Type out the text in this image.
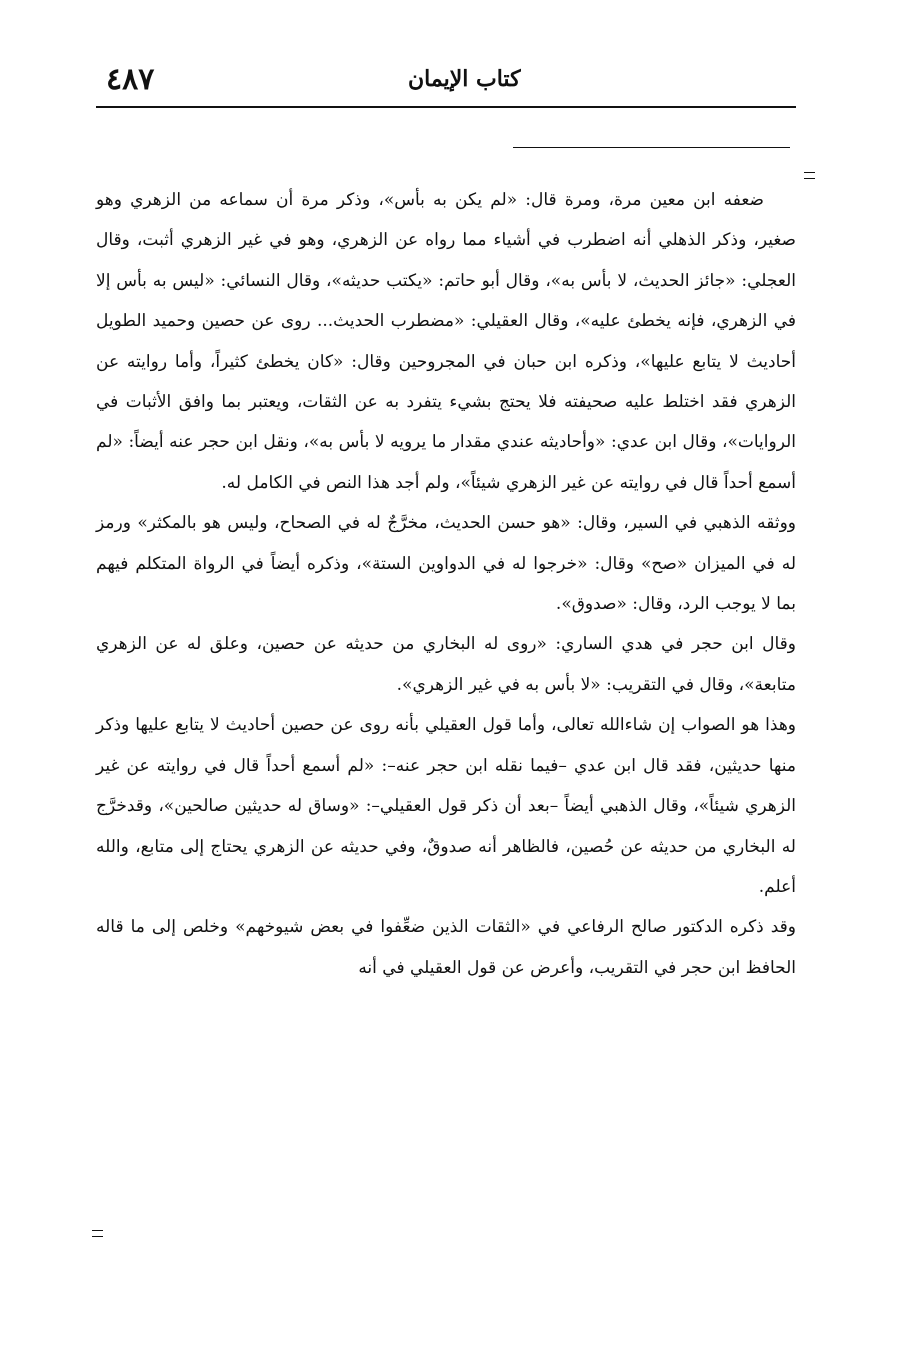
٤٨٧	كتاب الإيمان

ضعفه ابن معين مرة، ومرة قال: «لم يكن به بأس»، وذكر مرة أن سماعه من الزهري وهو صغير، وذكر الذهلي أنه اضطرب في أشياء مما رواه عن الزهري، وهو في غير الزهري أثبت، وقال العجلي: «جائز الحديث، لا بأس به»، وقال أبو حاتم: «يكتب حديثه»، وقال النسائي: «ليس به بأس إلا في الزهري، فإنه يخطئ عليه»، وقال العقيلي: «مضطرب الحديث... روى عن حصين وحميد الطويل أحاديث لا يتابع عليها»، وذكره ابن حبان في المجروحين وقال: «كان يخطئ كثيراً، وأما روايته عن الزهري فقد اختلط عليه صحيفته فلا يحتج بشيء يتفرد به عن الثقات، ويعتبر بما وافق الأثبات في الروايات»، وقال ابن عدي: «وأحاديثه عندي مقدار ما يرويه لا بأس به»، ونقل ابن حجر عنه أيضاً: «لم أسمع أحداً قال في روايته عن غير الزهري شيئاً»، ولم أجد هذا النص في الكامل له.

ووثقه الذهبي في السير، وقال: «هو حسن الحديث، مخرَّجٌ له في الصحاح، وليس هو بالمكثر» ورمز له في الميزان «صح» وقال: «خرجوا له في الدواوين الستة»، وذكره أيضاً في الرواة المتكلم فيهم بما لا يوجب الرد، وقال: «صدوق».

وقال ابن حجر في هدي الساري: «روى له البخاري من حديثه عن حصين، وعلق له عن الزهري متابعة»، وقال في التقريب: «لا بأس به في غير الزهري».

وهذا هو الصواب إن شاءالله تعالى، وأما قول العقيلي بأنه روى عن حصين أحاديث لا يتابع عليها وذكر منها حديثين، فقد قال ابن عدي –فيما نقله ابن حجر عنه–: «لم أسمع أحداً قال في روايته عن غير الزهري شيئاً»، وقال الذهبي أيضاً –بعد أن ذكر قول العقيلي–: «وساق له حديثين صالحين»، وقدخرَّج له البخاري من حديثه عن حُصين، فالظاهر أنه صدوقٌ، وفي حديثه عن الزهري يحتاج إلى متابع، والله أعلم.

وقد ذكره الدكتور صالح الرفاعي في «الثقات الذين ضعِّفوا في بعض شيوخهم» وخلص إلى ما قاله الحافظ ابن حجر في التقريب، وأعرض عن قول العقيلي في أنه
